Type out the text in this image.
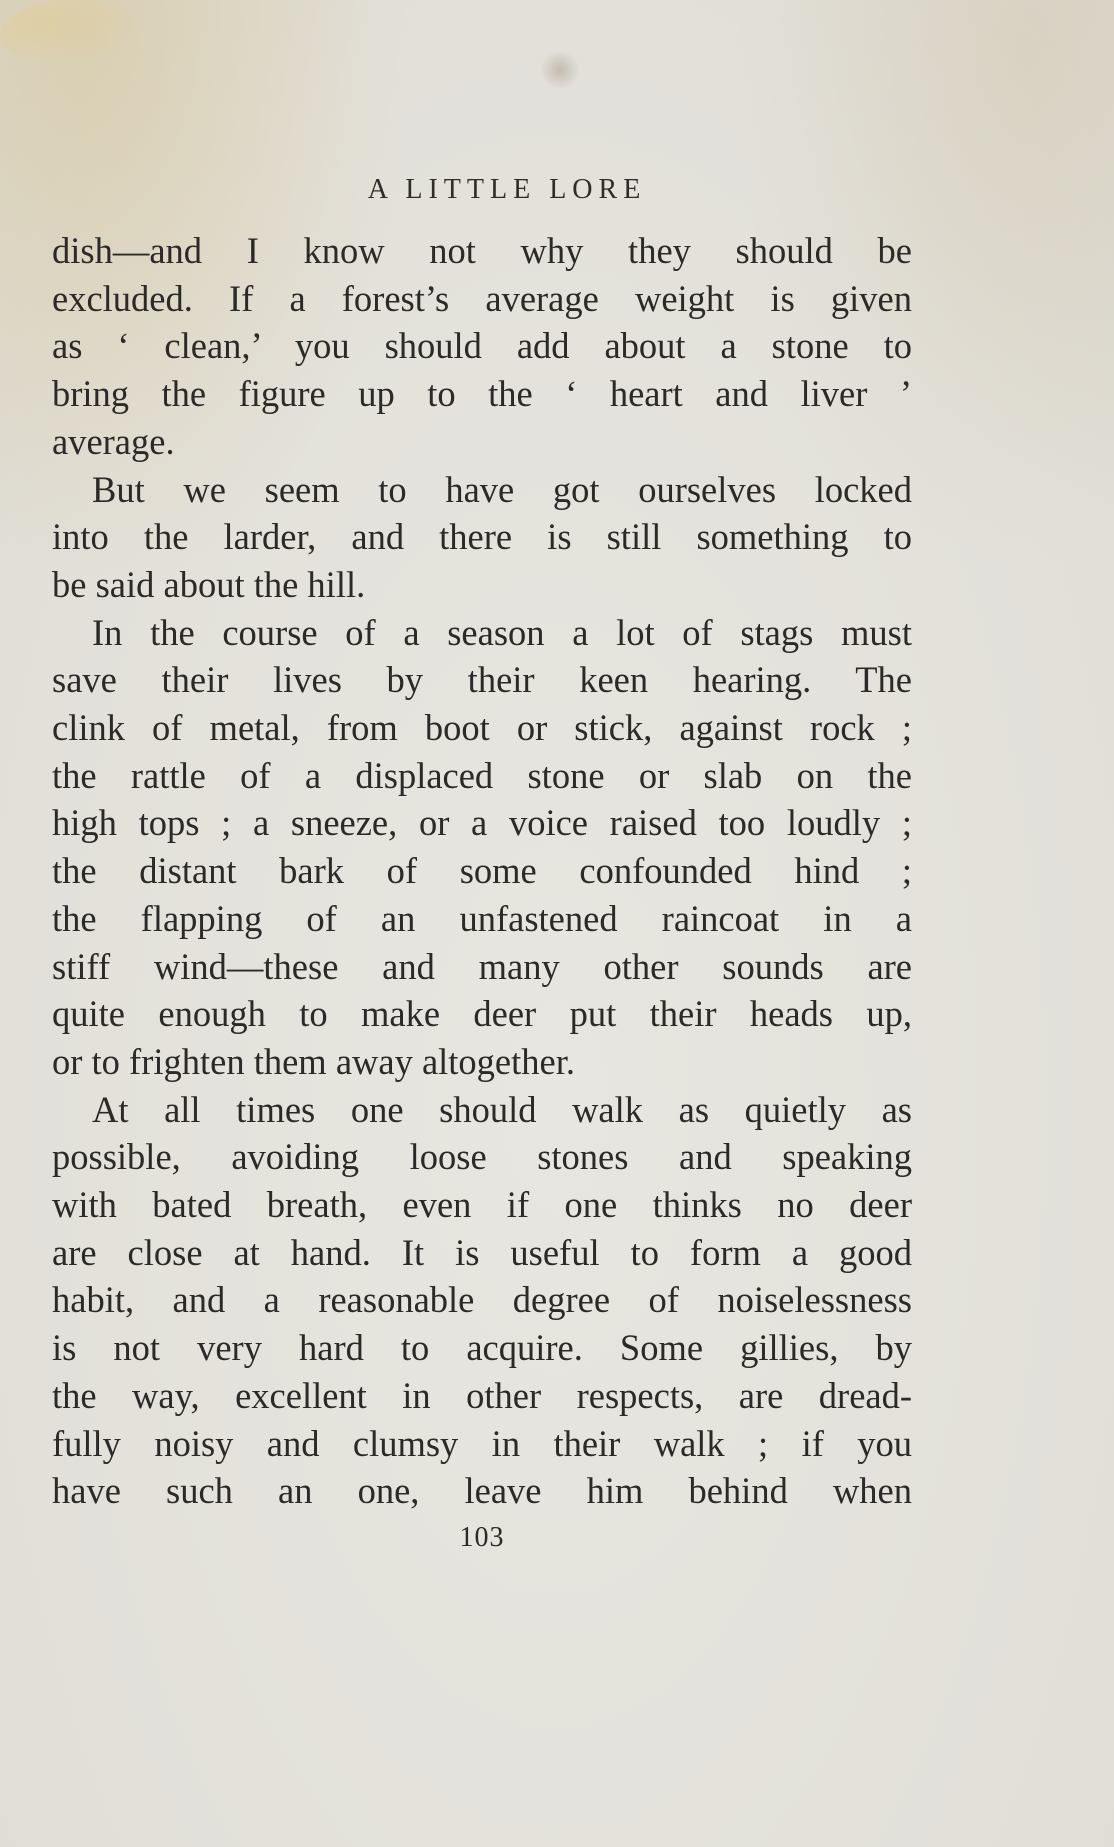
A LITTLE LORE
dish—and I know not why they should be
excluded. If a forest’s average weight is given
as ‘ clean,’ you should add about a stone to
bring the figure up to the ‘ heart and liver ’
average.
But we seem to have got ourselves locked
into the larder, and there is still something to
be said about the hill.
In the course of a season a lot of stags must
save their lives by their keen hearing. The
clink of metal, from boot or stick, against rock ;
the rattle of a displaced stone or slab on the
high tops ; a sneeze, or a voice raised too loudly ;
the distant bark of some confounded hind ;
the flapping of an unfastened raincoat in a
stiff wind—these and many other sounds are
quite enough to make deer put their heads up,
or to frighten them away altogether.
At all times one should walk as quietly as
possible, avoiding loose stones and speaking
with bated breath, even if one thinks no deer
are close at hand. It is useful to form a good
habit, and a reasonable degree of noiselessness
is not very hard to acquire. Some gillies, by
the way, excellent in other respects, are dread-
fully noisy and clumsy in their walk ; if you
have such an one, leave him behind when
103
